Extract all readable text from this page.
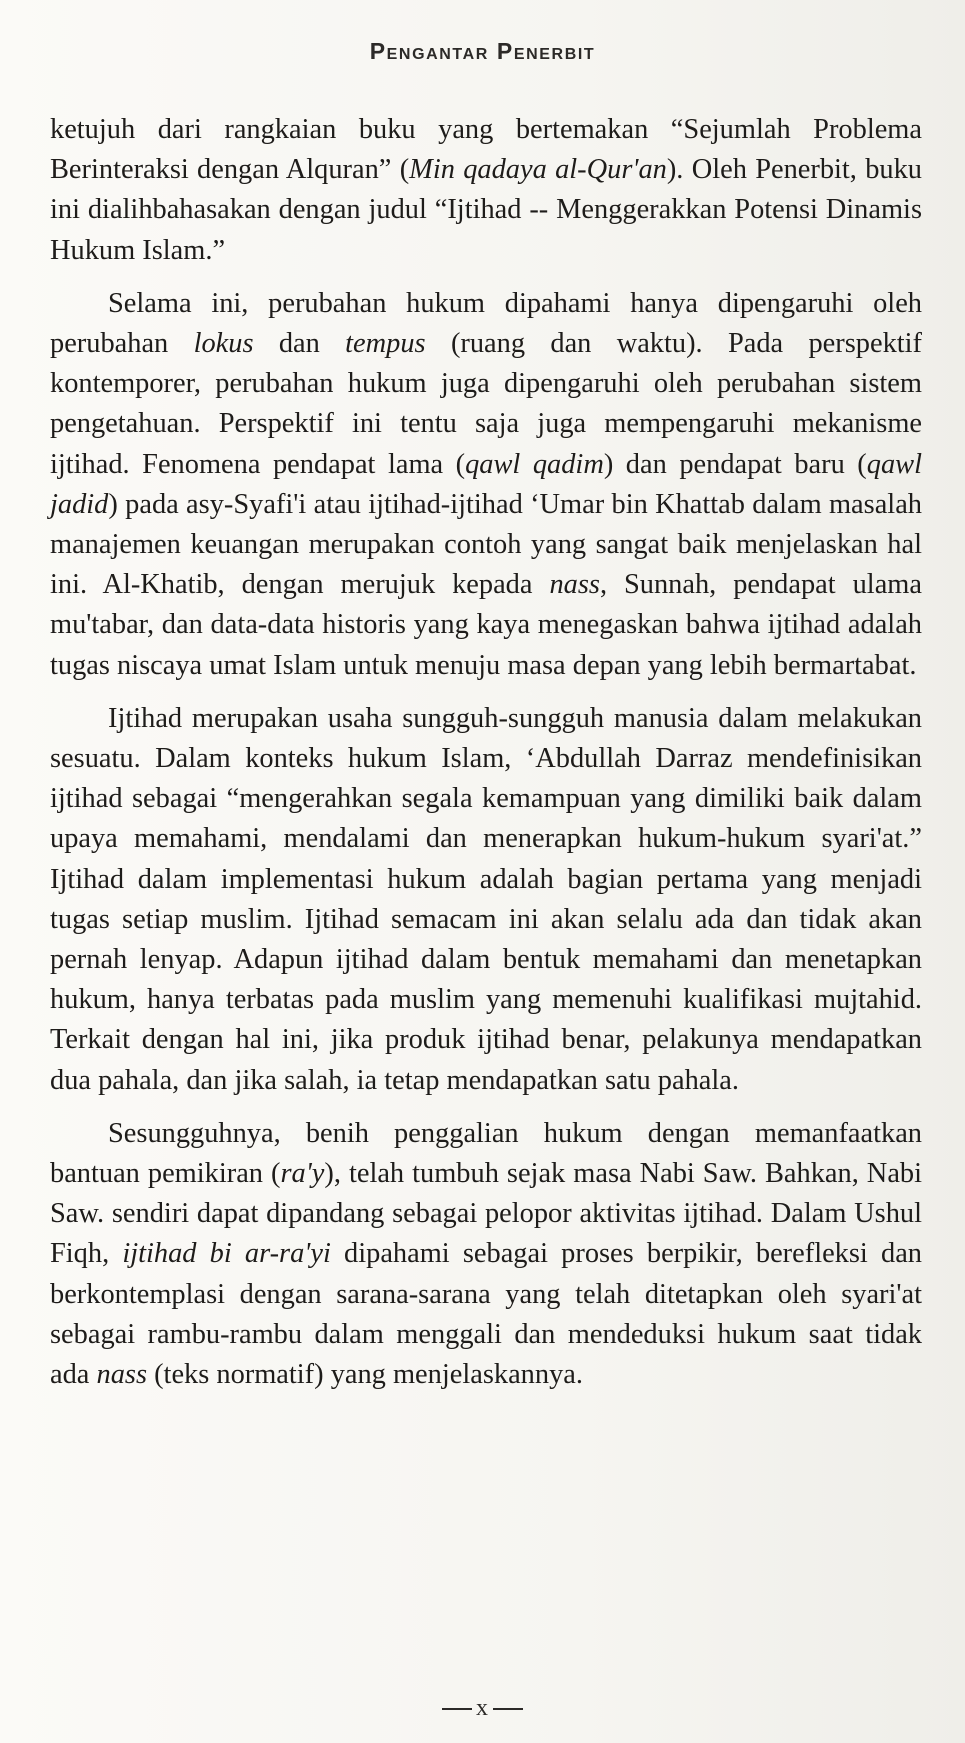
Pengantar Penerbit

ketujuh dari rangkaian buku yang bertemakan “Sejumlah Problema Berinteraksi dengan Alquran” (Min qadaya al-Qur'an). Oleh Penerbit, buku ini dialihbahasakan dengan judul “Ijtihad -- Menggerakkan Potensi Dinamis Hukum Islam.”

Selama ini, perubahan hukum dipahami hanya dipengaruhi oleh perubahan lokus dan tempus (ruang dan waktu). Pada perspektif kontemporer, perubahan hukum juga dipengaruhi oleh perubahan sistem pengetahuan. Perspektif ini tentu saja juga mempengaruhi mekanisme ijtihad. Fenomena pendapat lama (qawl qadim) dan pendapat baru (qawl jadid) pada asy-Syafi'i atau ijtihad-ijtihad ‘Umar bin Khattab dalam masalah manajemen keuangan merupakan contoh yang sangat baik menjelaskan hal ini. Al-Khatib, dengan merujuk kepada nass, Sunnah, pendapat ulama mu'tabar, dan data-data historis yang kaya menegaskan bahwa ijtihad adalah tugas niscaya umat Islam untuk menuju masa depan yang lebih bermartabat.

Ijtihad merupakan usaha sungguh-sungguh manusia dalam melakukan sesuatu. Dalam konteks hukum Islam, ‘Abdullah Darraz mendefinisikan ijtihad sebagai “mengerahkan segala kemampuan yang dimiliki baik dalam upaya memahami, mendalami dan menerapkan hukum-hukum syari'at.” Ijtihad dalam implementasi hukum adalah bagian pertama yang menjadi tugas setiap muslim. Ijtihad semacam ini akan selalu ada dan tidak akan pernah lenyap. Adapun ijtihad dalam bentuk memahami dan menetapkan hukum, hanya terbatas pada muslim yang memenuhi kualifikasi mujtahid. Terkait dengan hal ini, jika produk ijtihad benar, pelakunya mendapatkan dua pahala, dan jika salah, ia tetap mendapatkan satu pahala.

Sesungguhnya, benih penggalian hukum dengan memanfaatkan bantuan pemikiran (ra'y), telah tumbuh sejak masa Nabi Saw. Bahkan, Nabi Saw. sendiri dapat dipandang sebagai pelopor aktivitas ijtihad. Dalam Ushul Fiqh, ijtihad bi ar-ra'yi dipahami sebagai proses berpikir, berefleksi dan berkontemplasi dengan sarana-sarana yang telah ditetapkan oleh syari'at sebagai rambu-rambu dalam menggali dan mendeduksi hukum saat tidak ada nass (teks normatif) yang menjelaskannya.

x
